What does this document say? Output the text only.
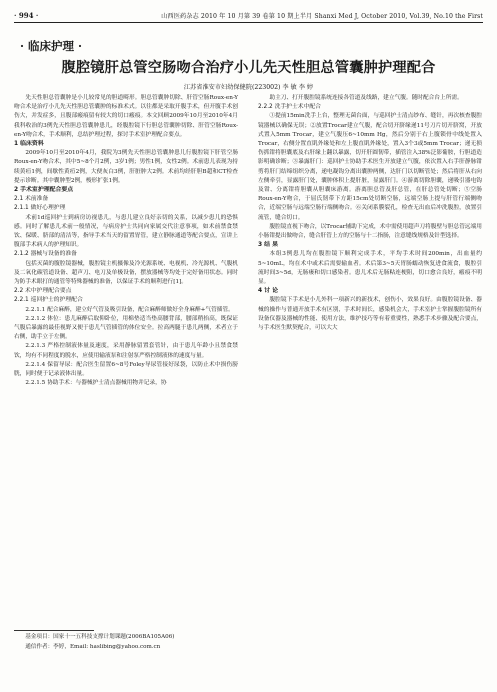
· 994 ·	山西医药杂志 2010 年 10 月第 39 卷第 10 期上半月 Shanxi Med J, October 2010, Vol.39, No.10 the First
· 临床护理 ·
腹腔镜肝总管空肠吻合治疗小儿先天性胆总管囊肿护理配合
江苏省淮安市妇幼保健院(223002) 李 敏 李 婷

先天性胆总管囊肿是小儿较常见的胆道畸形。胆总管囊肿切除、肝管空肠Roux-en-Y吻合术是治疗小儿先天性胆总管囊肿的标准术式。以往都是采取开腹手术，但开腹手术创伤大，并发症多，且腹部瘢痕留有较大的切口瘢痕。本文回顾2009年10月至2010年4月我科收治的3例先天性胆总管囊肿患儿，经腹腔镜下行胆总管囊肿切除、肝管空肠Roux-en-Y吻合术，手术顺利，总结护理过程，探讨手术室护理配合要点。

1 临床资料

2009年10月至2010年4月，我院为3例先天性胆总管囊肿患儿行腹腔镜下肝管空肠Roux-en-Y吻合术，其中5~8个月2例，3岁1例；男性1例，女性2例。术前患儿表现为持续黄疸1例，间歇性黄疸2例，大便灰白3例，肝脏肿大2例。术前均经肝胆B超和CT检查提示诊断。其中囊肿型2例，梭形扩张1例。

2 手术室护理配合要点

2.1 术前准备

2.1.1 做好心理护理

术前1d巡回护士到病房访视患儿，与患儿建立良好亲切的关系，以减少患儿的恐惧感。同时了解患儿术前一般情况，与病房护士共同向家属交代注意事项，如术前禁食禁饮、保暖、脐部的清洁等，指导手术当天的留置胃管，建立静脉通道等配合要点，宣讲上腹部手术病人的护理知识。

2.1.2 器械与设备的准备

包括灭菌的腹腔镜器械，腹腔镜主机摄像及冷光源系统、电视机、冷光源机、气腹机及二氧化碳管道设备、超声刀、电刀及单极设备，摆放器械等均处于完好备用状态。同时为防手术眼打的通管等特殊器械的准备，以保证手术的顺利进行[1]。

2.2 术中护理配合要点

2.2.1 巡回护士的护理配合

2.2.1.1 配合麻醉，建立好气管及吸引设备，配合麻醉师做好全身麻醉+气管插管。

2.2.1.2 体位：患儿麻醉后取仰卧位，用棉垫适当垫高腰背部，腰部稍抬高，既保证气腹后暴露的最佳视野又便于患儿气管插管的体位安全。拉高两腿于患儿两侧，术者立于右侧，助手立于左侧。

2.2.1.3 严格控制液体量及速度，采用静脉留置套管针，由于患儿年龄小且禁食禁饮，均有不同程度的脱水，应使用输液泵和注射泵严格控制液体的速度与量。

2.2.1.4 保留导尿：配合医生留置6~8号Foley导尿管接好尿袋，以防止术中损伤膀胱，同时便于记录液体出量。

2.2.1.5 协助手术：与器械护士清点器械用物并记录，协

助主刀、打开腹腔镜系统连接各管道及线路，建立气腹。随时配合台上所需。

2.2.2 洗手护士术中配合

①提前15min洗手上台，整理无菌台面，与巡回护士清点纱布、缝针，再次核查腹腔镜器械以确保无误；②放置Trocar建立气腹，配合切开脐缘递11号刀片切开脐窝，开放式置入5mm Trocar，建立气腹压6~10mm Hg，然后分别于右上腹锁骨中线处置入Trocar，右侧分置直肌外缘处和左上腹直肌外缘处，置入3个3或5mm Trocar；递无损伤抓钳将胆囊底及右肝缘上翻以暴露，切开肝圆韧带，插管注入38%泛影葡胺，行胆道造影明确诊断；③暴露肝门：巡回护士协助手术医生开放建立气腹，依次置入右手肝静脉钳剪将肝门结缔组织分离，递电凝钩分离出囊肿两侧，达肝门以切断管处；然后将肝从右向左侧牵引，显露肝门处，囊肿体积上提肝脏，显露肝门。④游离切除胆囊，递吸引器电钩及钳、分离钳将胆囊从胆囊床游离。游离胆总管及肝总管，在肝总管处切断；⑤空肠Roux-en-Y吻合，于屈氏韧带下方距15cm处切断空肠，远端空肠上提与肝管行端侧吻合，近端空肠与远端空肠行端侧吻合。⑥关闭系膜裂孔，检查无出血后冲洗腹腔，放置引流管，缝合切口。

腹腔镜直视下吻合，以Trocar辅助下完成，术中需使用超声刀将腹壁与胆总管远端用小肠钳提出做吻合，缝合肝管上方的空肠与十二指肠，注意缝线规格及针型选择。

3 结 果

本组3例患儿均在腹腔镜下顺利完成手术，平均手术时间200min，出血量约5~10mL，均在术中或术后需要输血者。术后第3~5天胃肠蠕动恢复进食流食，腹腔引流时间3~5d，无肠瘘和切口感染者。患儿术后无肠粘连梗阻，切口愈合良好，瘢痕不明显。

4 讨 论

腹腔镜下手术是小儿外科一项新兴的新技术，创伤小，效果良好。由腹腔镜设备、器械的操作与普通开放手术有区别，手术时间长，感染机会大，手术室护士掌握腹腔镜所有设备仪器及器械的性能、使用方法，维护技巧等有着重要性，熟悉手术步骤及配合要点，与手术医生默契配合，可以大大

基金项目：国家十一五科技支撑计划课题(2006BA105A06)

通信作者：李婷，Email: haslibing@yahoo.com.cn
